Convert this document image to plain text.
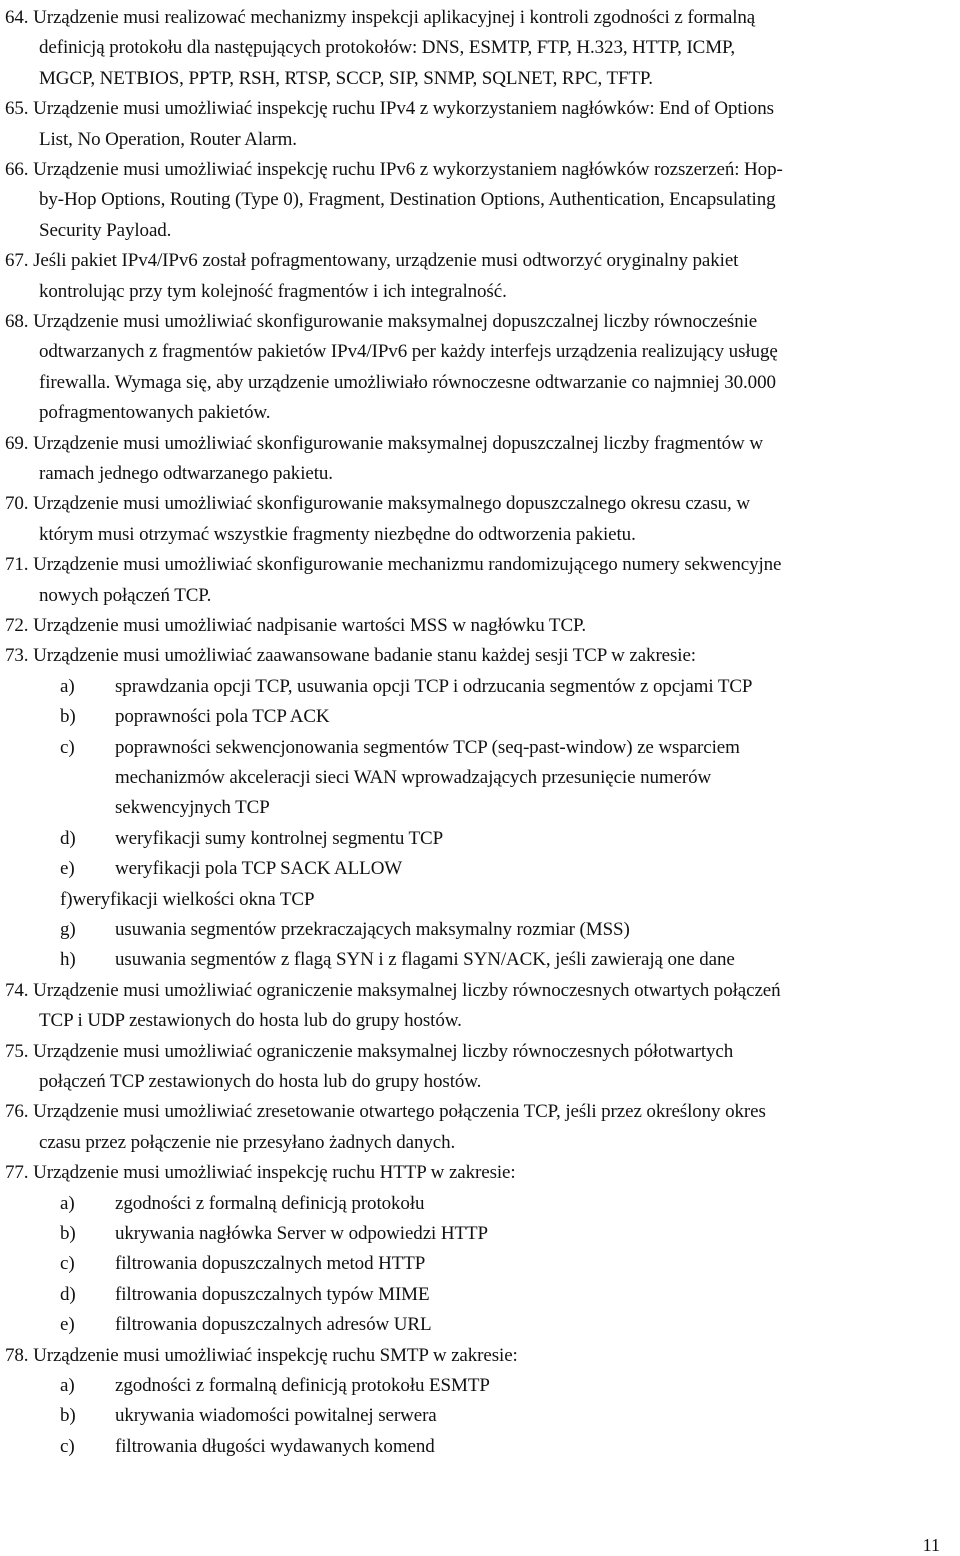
64. Urządzenie musi realizować mechanizmy inspekcji aplikacyjnej i kontroli zgodności z formalną
definicją protokołu dla następujących protokołów: DNS, ESMTP, FTP, H.323, HTTP, ICMP,
MGCP, NETBIOS, PPTP, RSH, RTSP, SCCP, SIP, SNMP, SQLNET, RPC, TFTP.
65. Urządzenie musi umożliwiać inspekcję ruchu IPv4 z wykorzystaniem nagłówków: End of Options
List, No Operation, Router Alarm.
66. Urządzenie musi umożliwiać inspekcję ruchu IPv6 z wykorzystaniem nagłówków rozszerzeń: Hop-
by-Hop Options, Routing (Type 0), Fragment, Destination Options, Authentication, Encapsulating
Security Payload.
67. Jeśli pakiet IPv4/IPv6 został pofragmentowany, urządzenie musi odtworzyć oryginalny pakiet
kontrolując przy tym kolejność fragmentów i ich integralność.
68. Urządzenie musi umożliwiać skonfigurowanie maksymalnej dopuszczalnej liczby równocześnie
odtwarzanych z fragmentów pakietów IPv4/IPv6 per każdy interfejs urządzenia realizujący usługę
firewalla. Wymaga się, aby urządzenie umożliwiało równoczesne odtwarzanie co najmniej 30.000
pofragmentowanych pakietów.
69. Urządzenie musi umożliwiać skonfigurowanie maksymalnej dopuszczalnej liczby fragmentów w
ramach jednego odtwarzanego pakietu.
70. Urządzenie musi umożliwiać skonfigurowanie maksymalnego dopuszczalnego okresu czasu, w
którym musi otrzymać wszystkie fragmenty niezbędne do odtworzenia pakietu.
71. Urządzenie musi umożliwiać skonfigurowanie mechanizmu randomizującego numery sekwencyjne
nowych połączeń TCP.
72. Urządzenie musi umożliwiać nadpisanie wartości MSS w nagłówku TCP.
73. Urządzenie musi umożliwiać zaawansowane badanie stanu każdej sesji TCP w zakresie:
a) sprawdzania opcji TCP, usuwania opcji TCP i odrzucania segmentów z opcjami TCP
b) poprawności pola TCP ACK
c) poprawności sekwencjonowania segmentów TCP (seq-past-window) ze wsparciem
mechanizmów akceleracji sieci WAN wprowadzających przesunięcie numerów
sekwencyjnych TCP
d) weryfikacji sumy kontrolnej segmentu TCP
e) weryfikacji pola TCP SACK ALLOW
f)weryfikacji wielkości okna TCP
g) usuwania segmentów przekraczających maksymalny rozmiar (MSS)
h) usuwania segmentów z flagą SYN i z flagami SYN/ACK, jeśli zawierają one dane
74. Urządzenie musi umożliwiać ograniczenie maksymalnej liczby równoczesnych otwartych połączeń
TCP i UDP zestawionych do hosta lub do grupy hostów.
75. Urządzenie musi umożliwiać ograniczenie maksymalnej liczby równoczesnych półotwartych
połączeń TCP zestawionych do hosta lub do grupy hostów.
76. Urządzenie musi umożliwiać zresetowanie otwartego połączenia TCP, jeśli przez określony okres
czasu przez połączenie nie przesyłano żadnych danych.
77. Urządzenie musi umożliwiać inspekcję ruchu HTTP w zakresie:
a) zgodności z formalną definicją protokołu
b) ukrywania nagłówka Server w odpowiedzi HTTP
c) filtrowania dopuszczalnych metod HTTP
d) filtrowania dopuszczalnych typów MIME
e) filtrowania dopuszczalnych adresów URL
78. Urządzenie musi umożliwiać inspekcję ruchu SMTP w zakresie:
a) zgodności z formalną definicją protokołu ESMTP
b) ukrywania wiadomości powitalnej serwera
c) filtrowania długości wydawanych komend
11
